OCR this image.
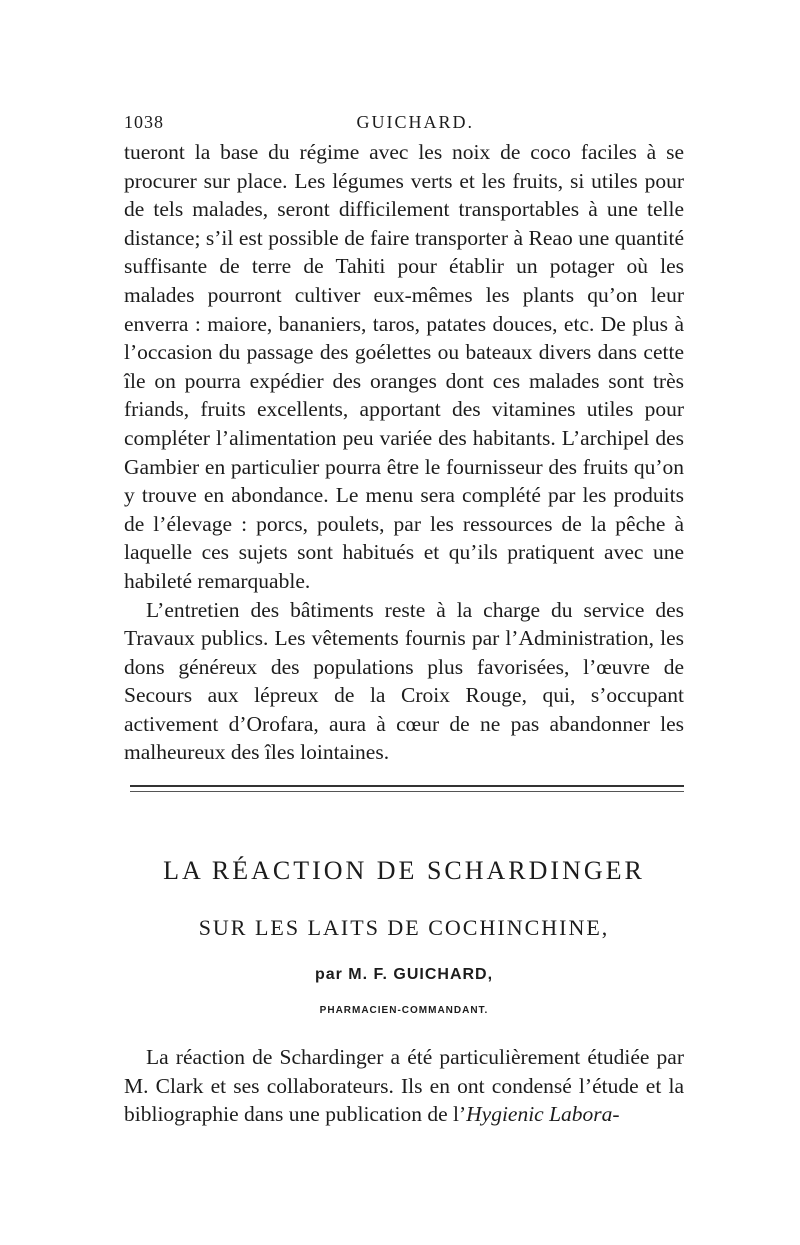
1038	GUICHARD.

tueront la base du régime avec les noix de coco faciles à se procurer sur place. Les légumes verts et les fruits, si utiles pour de tels malades, seront difficilement transportables à une telle distance; s’il est possible de faire transporter à Reao une quantité suffisante de terre de Tahiti pour établir un potager où les malades pourront cultiver eux-mêmes les plants qu’on leur enverra : maiore, bananiers, taros, patates douces, etc. De plus à l’occasion du passage des goélettes ou bateaux divers dans cette île on pourra expédier des oranges dont ces malades sont très friands, fruits excellents, apportant des vitamines utiles pour compléter l’alimentation peu variée des habitants. L’archipel des Gambier en particulier pourra être le fournisseur des fruits qu’on y trouve en abondance. Le menu sera complété par les produits de l’élevage : porcs, poulets, par les ressources de la pêche à laquelle ces sujets sont habitués et qu’ils pratiquent avec une habileté remarquable.

L’entretien des bâtiments reste à la charge du service des Travaux publics. Les vêtements fournis par l’Administration, les dons généreux des populations plus favorisées, l’œuvre de Secours aux lépreux de la Croix Rouge, qui, s’occupant activement d’Orofara, aura à cœur de ne pas abandonner les malheureux des îles lointaines.

LA RÉACTION DE SCHARDINGER
SUR LES LAITS DE COCHINCHINE,
par M. F. GUICHARD,
PHARMACIEN-COMMANDANT.

La réaction de Schardinger a été particulièrement étudiée par M. Clark et ses collaborateurs. Ils en ont condensé l’étude et la bibliographie dans une publication de l’Hygienic Labora-
